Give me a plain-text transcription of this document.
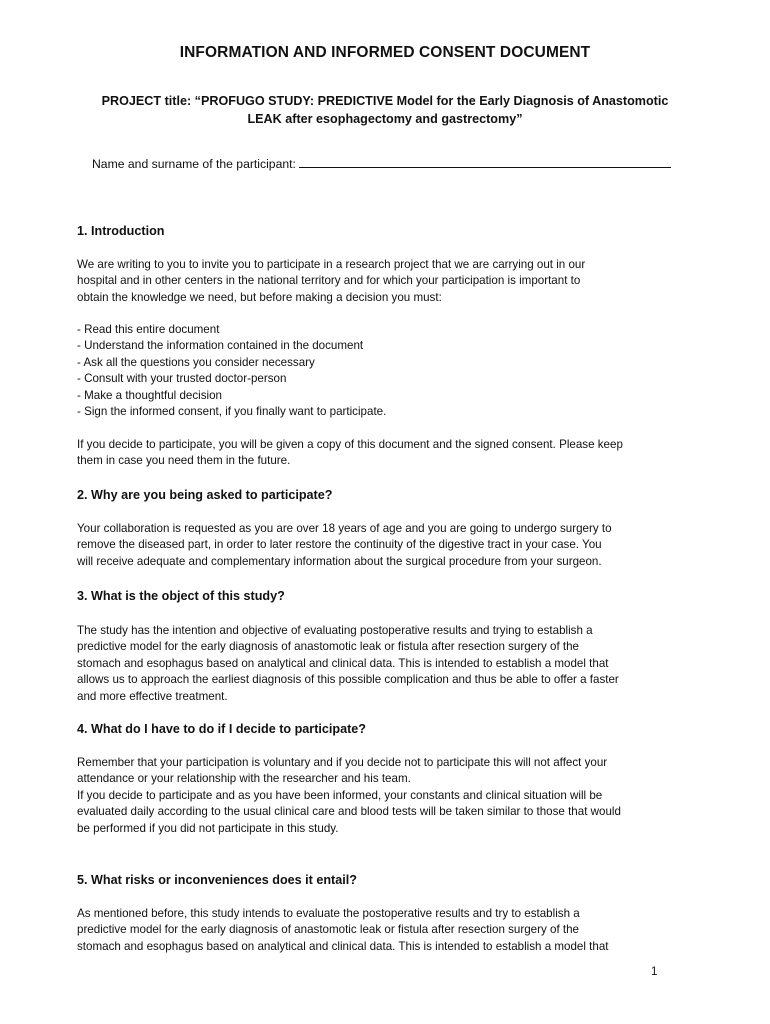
INFORMATION AND INFORMED CONSENT DOCUMENT
PROJECT title: “PROFUGO STUDY: PREDICTIVE Model for the Early Diagnosis of Anastomotic
LEAK after esophagectomy and gastrectomy”
Name and surname of the participant:
1. Introduction
We are writing to you to invite you to participate in a research project that we are carrying out in our
hospital and in other centers in the national territory and for which your participation is important to
obtain the knowledge we need, but before making a decision you must:
- Read this entire document
- Understand the information contained in the document
- Ask all the questions you consider necessary
- Consult with your trusted doctor-person
- Make a thoughtful decision
- Sign the informed consent, if you finally want to participate.
If you decide to participate, you will be given a copy of this document and the signed consent. Please keep
them in case you need them in the future.
2. Why are you being asked to participate?
Your collaboration is requested as you are over 18 years of age and you are going to undergo surgery to
remove the diseased part, in order to later restore the continuity of the digestive tract in your case. You
will receive adequate and complementary information about the surgical procedure from your surgeon.
3. What is the object of this study?
The study has the intention and objective of evaluating postoperative results and trying to establish a
predictive model for the early diagnosis of anastomotic leak or fistula after resection surgery of the
stomach and esophagus based on analytical and clinical data. This is intended to establish a model that
allows us to approach the earliest diagnosis of this possible complication and thus be able to offer a faster
and more effective treatment.
4. What do I have to do if I decide to participate?
Remember that your participation is voluntary and if you decide not to participate this will not affect your
attendance or your relationship with the researcher and his team.
If you decide to participate and as you have been informed, your constants and clinical situation will be
evaluated daily according to the usual clinical care and blood tests will be taken similar to those that would
be performed if you did not participate in this study.
5. What risks or inconveniences does it entail?
As mentioned before, this study intends to evaluate the postoperative results and try to establish a
predictive model for the early diagnosis of anastomotic leak or fistula after resection surgery of the
stomach and esophagus based on analytical and clinical data. This is intended to establish a model that
1
